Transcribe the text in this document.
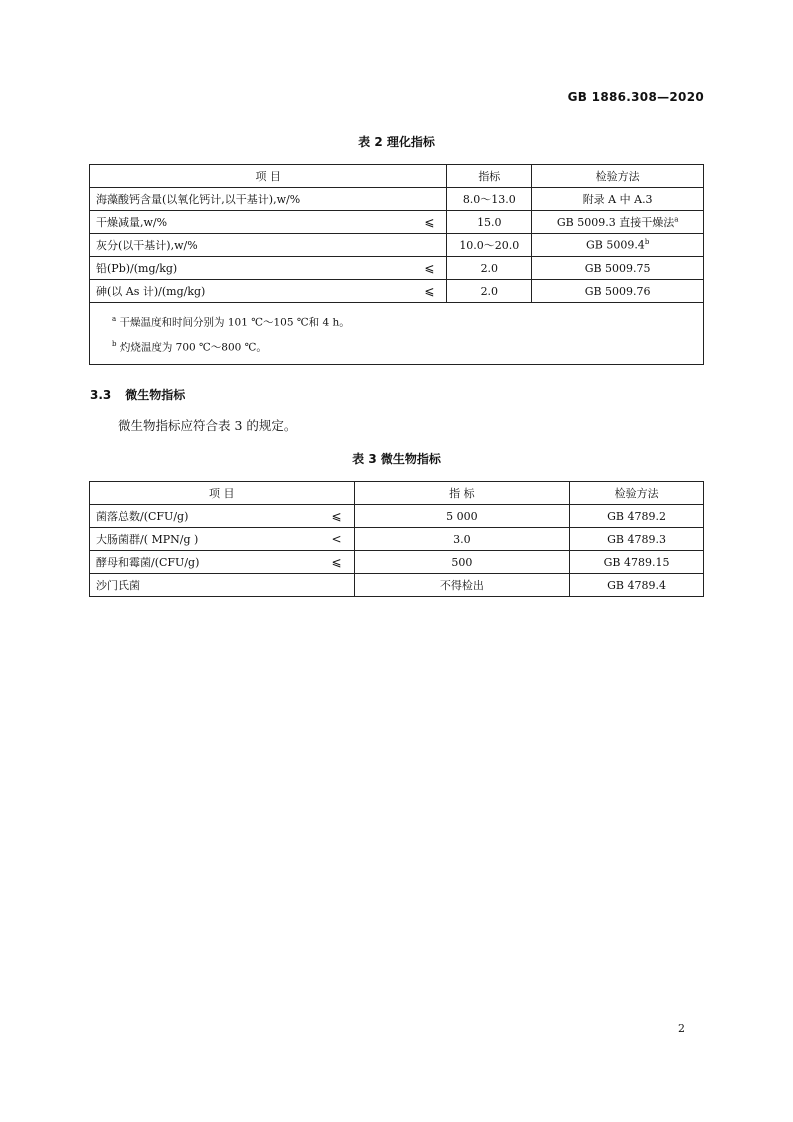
GB 1886.308—2020
表 2 理化指标
项 目	指标	检验方法

海藻酸钙含量(以氧化钙计,以干基计),w/%	8.0～13.0	附录 A 中 A.3

干燥减量,w/% ⩽	15.0	GB 5009.3 直接干燥法$^a$

灰分(以干基计),w/%	10.0～20.0	GB 5009.4$^b$

铅(Pb)/(mg/kg) ⩽	2.0	GB 5009.75

砷(以 As 计)/(mg/kg) ⩽	2.0	GB 5009.76

$^a$ 干燥温度和时间分别为 101 ℃～105 ℃和 4 h。
$^b$ 灼烧温度为 700 ℃～800 ℃。		
3.3 微生物指标
微生物指标应符合表 3 的规定。
表 3 微生物指标
项 目	指 标	检验方法

菌落总数/(CFU/g) ⩽	5 000	GB 4789.2

大肠菌群/( MPN/g ) <	3.0	GB 4789.3

酵母和霉菌/(CFU/g) ⩽	500	GB 4789.15

沙门氏菌	不得检出	GB 4789.4
2
